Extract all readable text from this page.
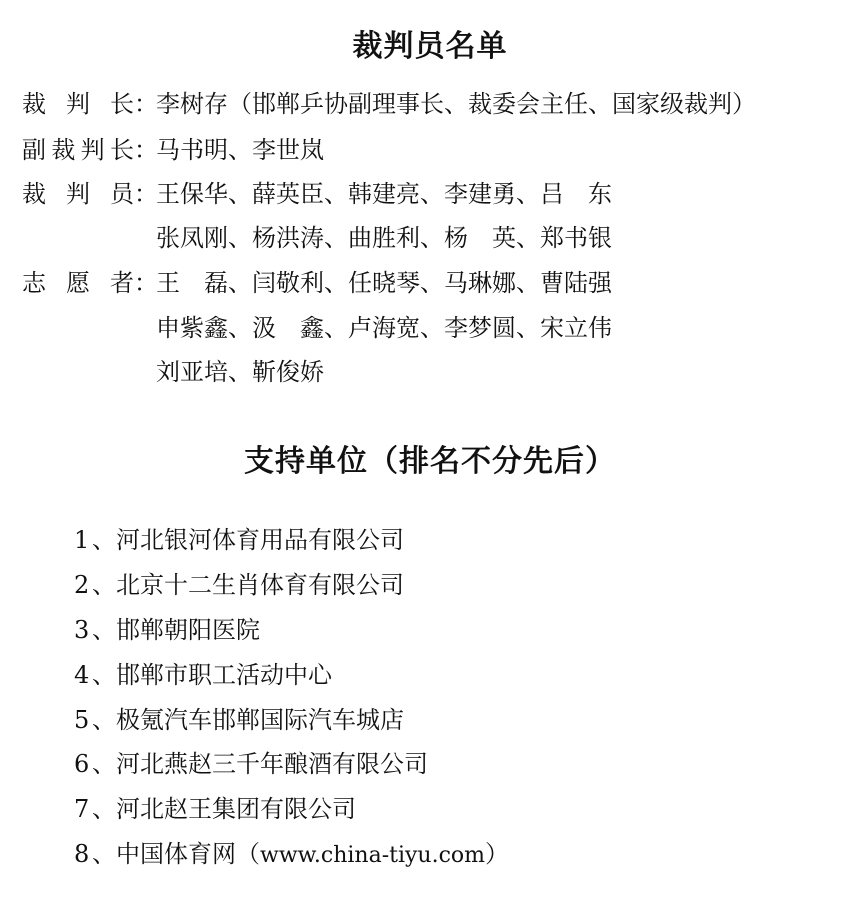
裁判员名单
裁判长：李树存（邯郸乒协副理事长、裁委会主任、国家级裁判）
副裁判长：马书明、李世岚
裁判员：王保华、薛英臣、韩建亮、李建勇、吕　东
张凤刚、杨洪涛、曲胜利、杨　英、郑书银
志愿者：王　磊、闫敬利、任晓琴、马琳娜、曹陆强
申紫鑫、汲　鑫、卢海宽、李梦圆、宋立伟
刘亚培、靳俊娇
支持单位（排名不分先后）
1 、河北银河体育用品有限公司
2 、北京十二生肖体育有限公司
3 、邯郸朝阳医院
4 、邯郸市职工活动中心
5 、极氪汽车邯郸国际汽车城店
6 、河北燕赵三千年酿酒有限公司
7 、河北赵王集团有限公司
8 、中国体育网（www.china-tiyu.com）
